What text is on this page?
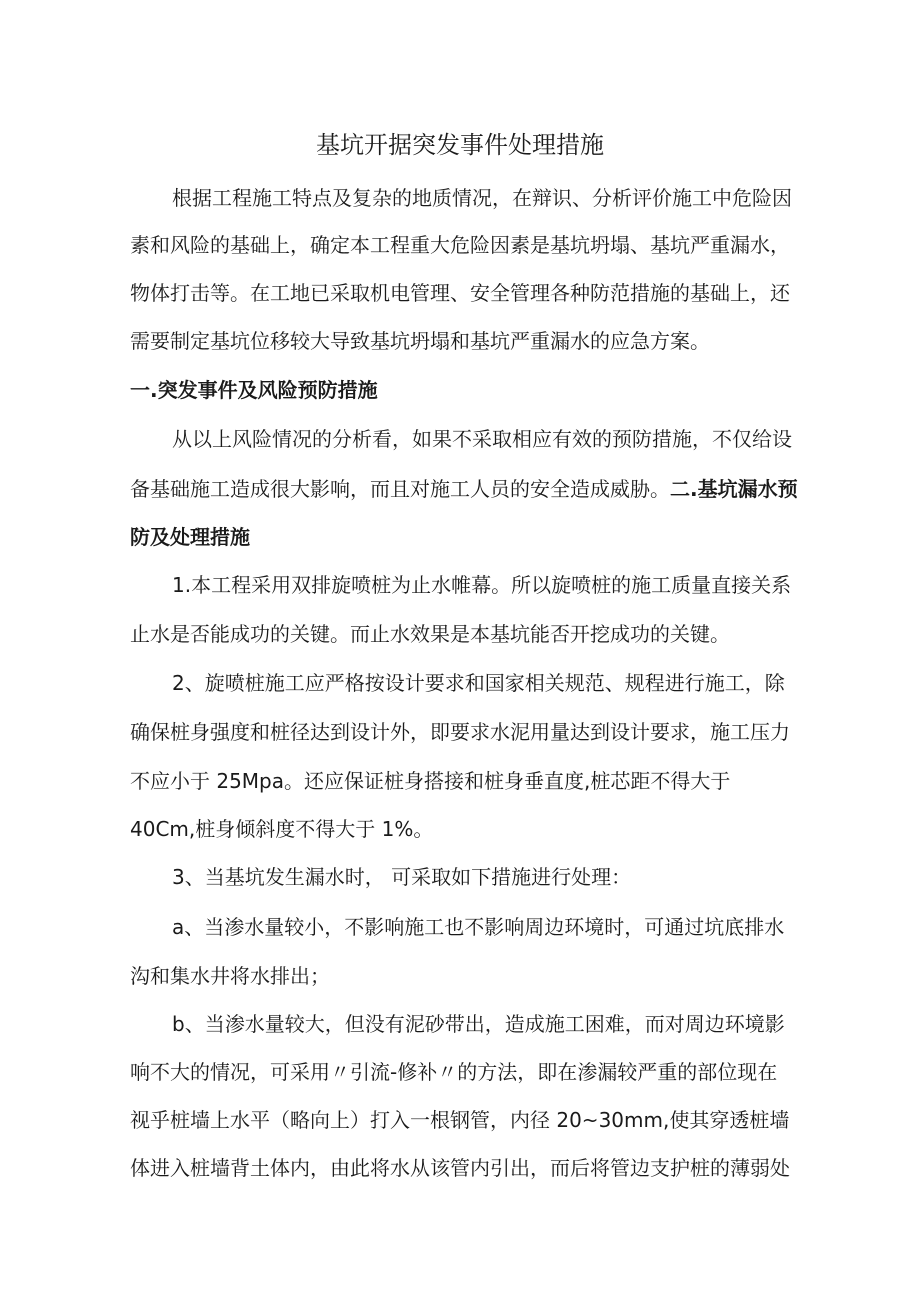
基坑开据突发事件处理措施
根据工程施工特点及复杂的地质情况，在辩识、分析评价施工中危险因
素和风险的基础上，确定本工程重大危险因素是基坑坍塌、基坑严重漏水，
物体打击等。在工地已采取机电管理、安全管理各种防范措施的基础上，还
需要制定基坑位移较大导致基坑坍塌和基坑严重漏水的应急方案。
一.突发事件及风险预防措施
从以上风险情况的分析看，如果不采取相应有效的预防措施，不仅给设
备基础施工造成很大影响，而且对施工人员的安全造成威胁。二.基坑漏水预
防及处理措施
1.本工程采用双排旋喷桩为止水帷幕。所以旋喷桩的施工质量直接关系
止水是否能成功的关键。而止水效果是本基坑能否开挖成功的关键。
2、旋喷桩施工应严格按设计要求和国家相关规范、规程进行施工，除
确保桩身强度和桩径达到设计外，即要求水泥用量达到设计要求，施工压力
不应小于 25Mpa。还应保证桩身搭接和桩身垂直度,桩芯距不得大于
40Cm,桩身倾斜度不得大于 1%。
3、当基坑发生漏水时， 可采取如下措施进行处理：
a、当渗水量较小，不影响施工也不影响周边环境时，可通过坑底排水
沟和集水井将水排出；
b、当渗水量较大，但没有泥砂带出，造成施工困难，而对周边环境影
响不大的情况，可采用〃引流-修补〃的方法，即在渗漏较严重的部位现在
视乎桩墙上水平（略向上）打入一根钢管，内径 20~30mm,使其穿透桩墙
体进入桩墙背土体内，由此将水从该管内引出，而后将管边支护桩的薄弱处
